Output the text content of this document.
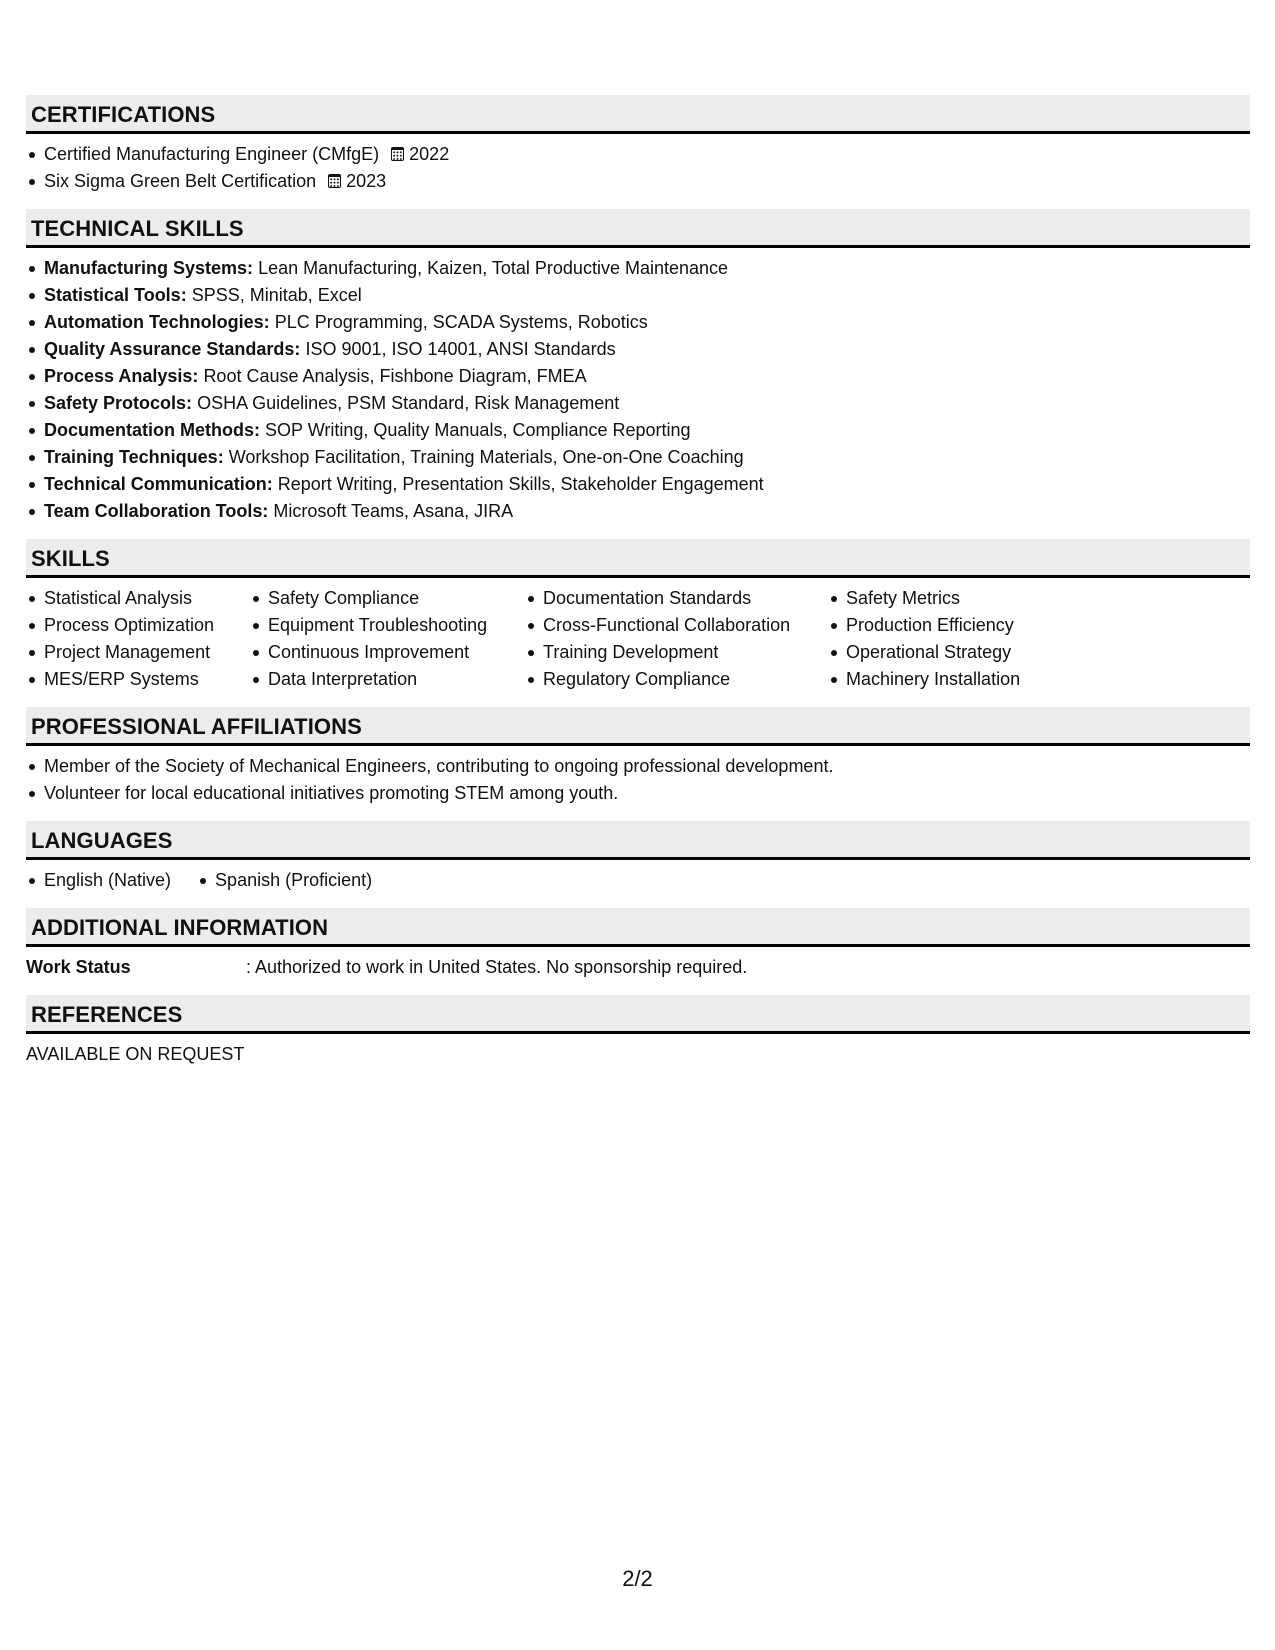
CERTIFICATIONS
Certified Manufacturing Engineer (CMfgE) 2022
Six Sigma Green Belt Certification 2023
TECHNICAL SKILLS
Manufacturing Systems: Lean Manufacturing, Kaizen, Total Productive Maintenance
Statistical Tools: SPSS, Minitab, Excel
Automation Technologies: PLC Programming, SCADA Systems, Robotics
Quality Assurance Standards: ISO 9001, ISO 14001, ANSI Standards
Process Analysis: Root Cause Analysis, Fishbone Diagram, FMEA
Safety Protocols: OSHA Guidelines, PSM Standard, Risk Management
Documentation Methods: SOP Writing, Quality Manuals, Compliance Reporting
Training Techniques: Workshop Facilitation, Training Materials, One-on-One Coaching
Technical Communication: Report Writing, Presentation Skills, Stakeholder Engagement
Team Collaboration Tools: Microsoft Teams, Asana, JIRA
SKILLS
Statistical Analysis
Process Optimization
Project Management
MES/ERP Systems
Safety Compliance
Equipment Troubleshooting
Continuous Improvement
Data Interpretation
Documentation Standards
Cross-Functional Collaboration
Training Development
Regulatory Compliance
Safety Metrics
Production Efficiency
Operational Strategy
Machinery Installation
PROFESSIONAL AFFILIATIONS
Member of the Society of Mechanical Engineers, contributing to ongoing professional development.
Volunteer for local educational initiatives promoting STEM among youth.
LANGUAGES
English (Native)	Spanish (Proficient)
ADDITIONAL INFORMATION
Work Status	: Authorized to work in United States. No sponsorship required.
REFERENCES
AVAILABLE ON REQUEST
2/2
